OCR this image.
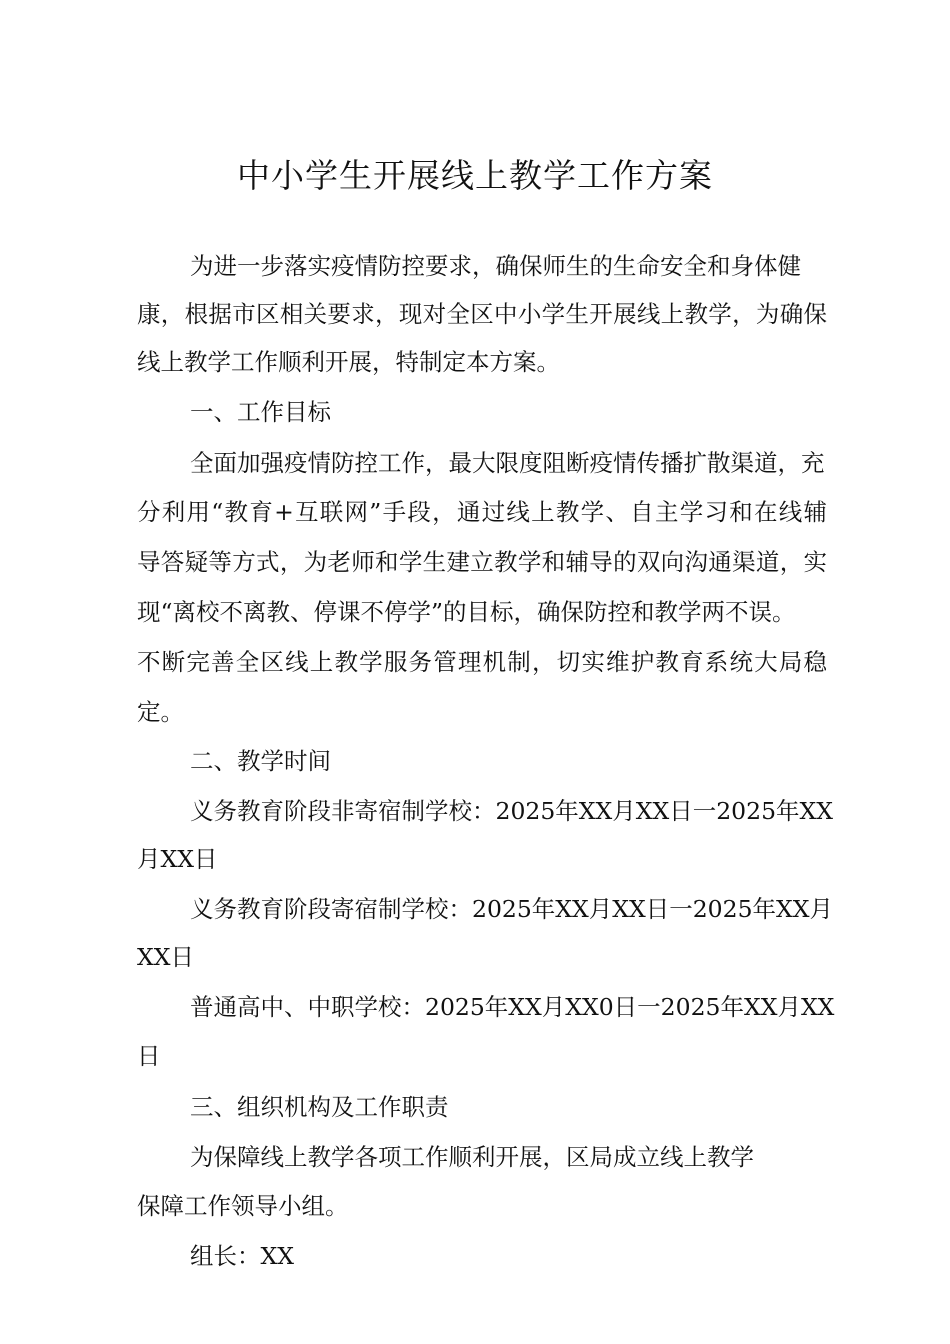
中小学生开展线上教学工作方案

为进一步落实疫情防控要求，确保师生的生命安全和身体健

康，根据市区相关要求，现对全区中小学生开展线上教学，为确保

线上教学工作顺利开展，特制定本方案。

一、工作目标

全面加强疫情防控工作，最大限度阻断疫情传播扩散渠道，充

分利用“教育+互联网”手段，通过线上教学、自主学习和在线辅

导答疑等方式，为老师和学生建立教学和辅导的双向沟通渠道，实

现“离校不离教、停课不停学”的目标，确保防控和教学两不误。

不断完善全区线上教学服务管理机制，切实维护教育系统大局稳

定。

二、教学时间

义务教育阶段非寄宿制学校：2025年XX月XX日一2025年XX

月XX日

义务教育阶段寄宿制学校：2025年XX月XX日一2025年XX月

XX日

普通高中、中职学校：2025年XX月XX0日一2025年XX月XX

日

三、组织机构及工作职责

为保障线上教学各项工作顺利开展，区局成立线上教学

保障工作领导小组。

组长：XX
